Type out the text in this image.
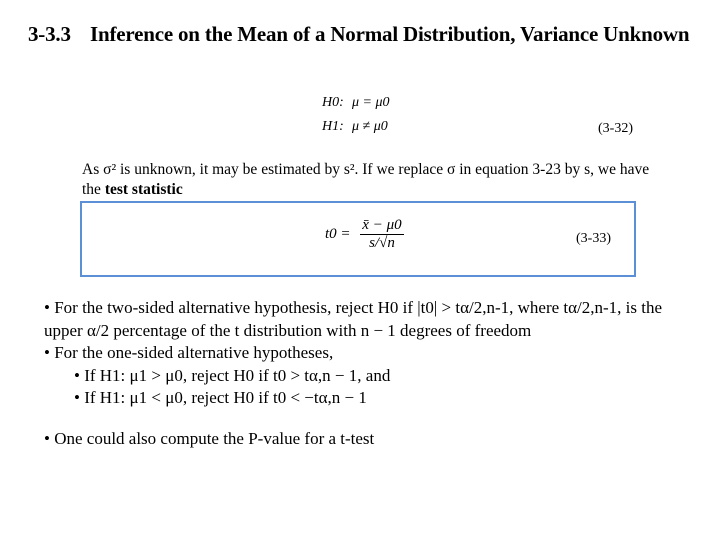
3-3.3 Inference on the Mean of a Normal Distribution, Variance Unknown
H0: μ = μ0
H1: μ ≠ μ0	(3-32)
As σ² is unknown, it may be estimated by s². If we replace σ in equation 3-23 by s, we have the test statistic
$t0 = \frac{x̄ - \mu 0}{s/√n}$	(3-33)

• For the two-sided alternative hypothesis, reject H0 if |t0| > tα/2,n-1, where tα/2,n-1, is the upper α/2 percentage of the t distribution with n − 1 degrees of freedom

• For the one-sided alternative hypotheses,

• If H1: μ1 > μ0, reject H0 if t0 > tα,n − 1, and

• If H1: μ1 < μ0, reject H0 if t0 < −tα,n − 1

• One could also compute the P-value for a t-test
